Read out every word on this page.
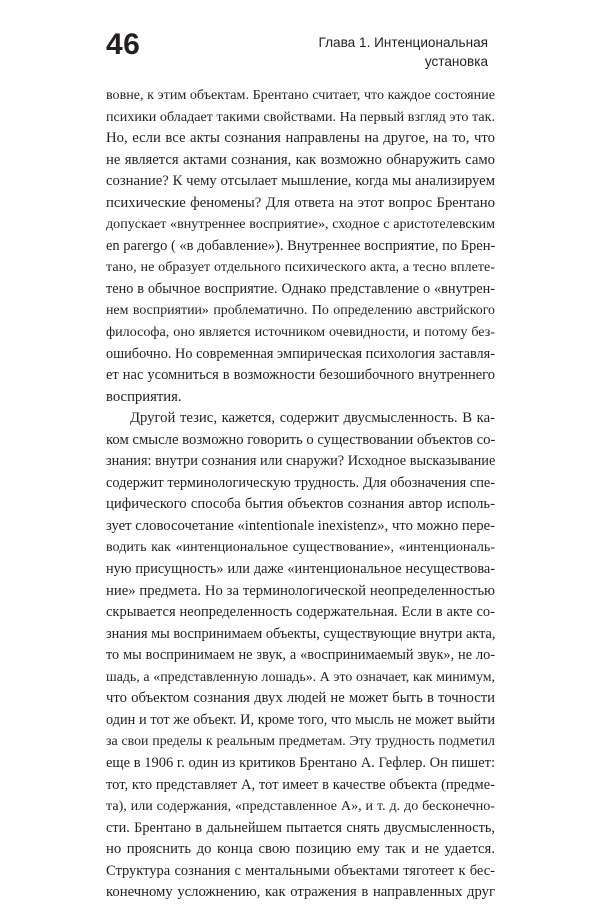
46	Глава 1. Интенциональная
установка
вовне, к этим объектам. Брентано считает, что каждое состояние
психики обладает такими свойствами. На первый взгляд это так.
Но, если все акты сознания направлены на другое, на то, что
не является актами сознания, как возможно обнаружить само
сознание? К чему отсылает мышление, когда мы анализируем
психические феномены? Для ответа на этот вопрос Брентано
допускает «внутреннее восприятие», сходное с аристотелевским
en parergo ( «в добавление»). Внутреннее восприятие, по Брен-
тано, не образует отдельного психического акта, а тесно вплете-
тено в обычное восприятие. Однако представление о «внутрен-
нем восприятии» проблематично. По определению австрийского
философа, оно является источником очевидности, и потому без-
ошибочно. Но современная эмпирическая психология заставля-
ет нас усомниться в возможности безошибочного внутреннего
восприятия.
Другой тезис, кажется, содержит двусмысленность. В ка-
ком смысле возможно говорить о существовании объектов со-
знания: внутри сознания или снаружи? Исходное высказывание
содержит терминологическую трудность. Для обозначения спе-
цифического способа бытия объектов сознания автор исполь-
зует словосочетание «intentionale inexistenz», что можно пере-
водить как «интенциональное существование», «интенциональ-
ную присущность» или даже «интенциональное несуществова-
ние» предмета. Но за терминологической неопределенностью
скрывается неопределенность содержательная. Если в акте со-
знания мы воспринимаем объекты, существующие внутри акта,
то мы воспринимаем не звук, а «воспринимаемый звук», не ло-
шадь, а «представленную лошадь». А это означает, как минимум,
что объектом сознания двух людей не может быть в точности
один и тот же объект. И, кроме того, что мысль не может выйти
за свои пределы к реальным предметам. Эту трудность подметил
еще в 1906 г. один из критиков Брентано А. Гефлер. Он пишет:
тот, кто представляет А, тот имеет в качестве объекта (предме-
та), или содержания, «представленное А», и т. д. до бесконечно-
сти. Брентано в дальнейшем пытается снять двусмысленность,
но прояснить до конца свою позицию ему так и не удается.
Структура сознания с ментальными объектами тяготеет к бес-
конечному усложнению, как отражения в направленных друг
